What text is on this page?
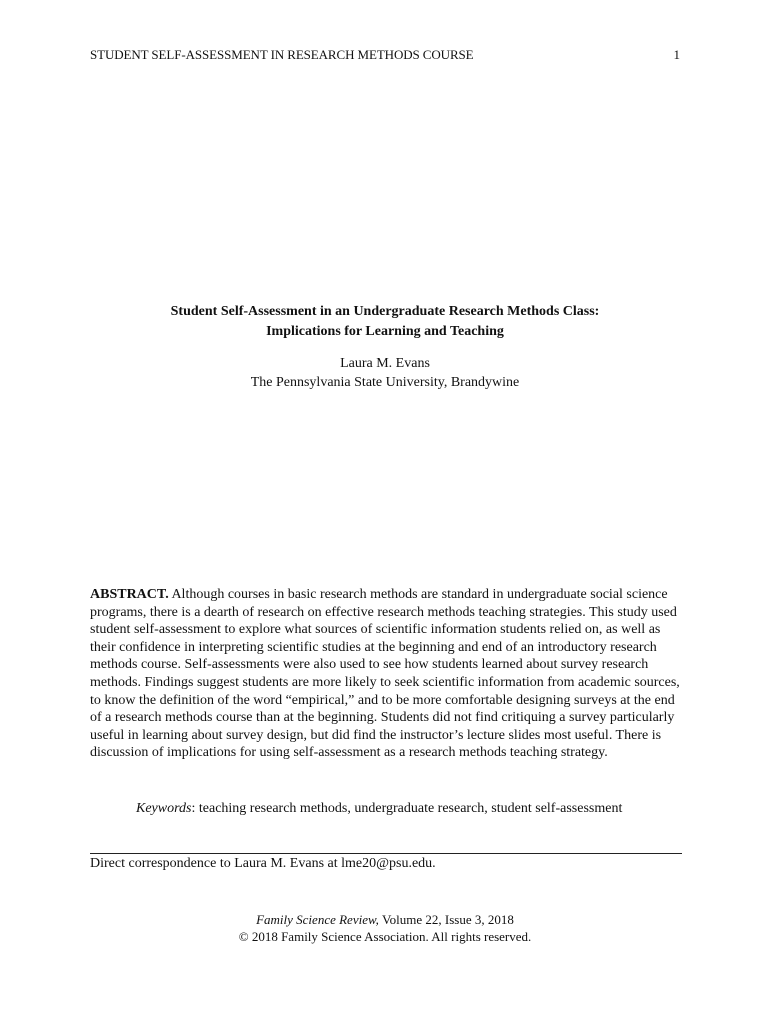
STUDENT SELF-ASSESSMENT IN RESEARCH METHODS COURSE	1
Student Self-Assessment in an Undergraduate Research Methods Class:
Implications for Learning and Teaching
Laura M. Evans
The Pennsylvania State University, Brandywine

ABSTRACT. Although courses in basic research methods are standard in undergraduate social science programs, there is a dearth of research on effective research methods teaching strategies. This study used student self-assessment to explore what sources of scientific information students relied on, as well as their confidence in interpreting scientific studies at the beginning and end of an introductory research methods course. Self-assessments were also used to see how students learned about survey research methods. Findings suggest students are more likely to seek scientific information from academic sources, to know the definition of the word “empirical,” and to be more comfortable designing surveys at the end of a research methods course than at the beginning. Students did not find critiquing a survey particularly useful in learning about survey design, but did find the instructor’s lecture slides most useful. There is discussion of implications for using self-assessment as a research methods teaching strategy.

Keywords: teaching research methods, undergraduate research, student self-assessment
Direct correspondence to Laura M. Evans at lme20@psu.edu.
Family Science Review, Volume 22, Issue 3, 2018
© 2018 Family Science Association. All rights reserved.
